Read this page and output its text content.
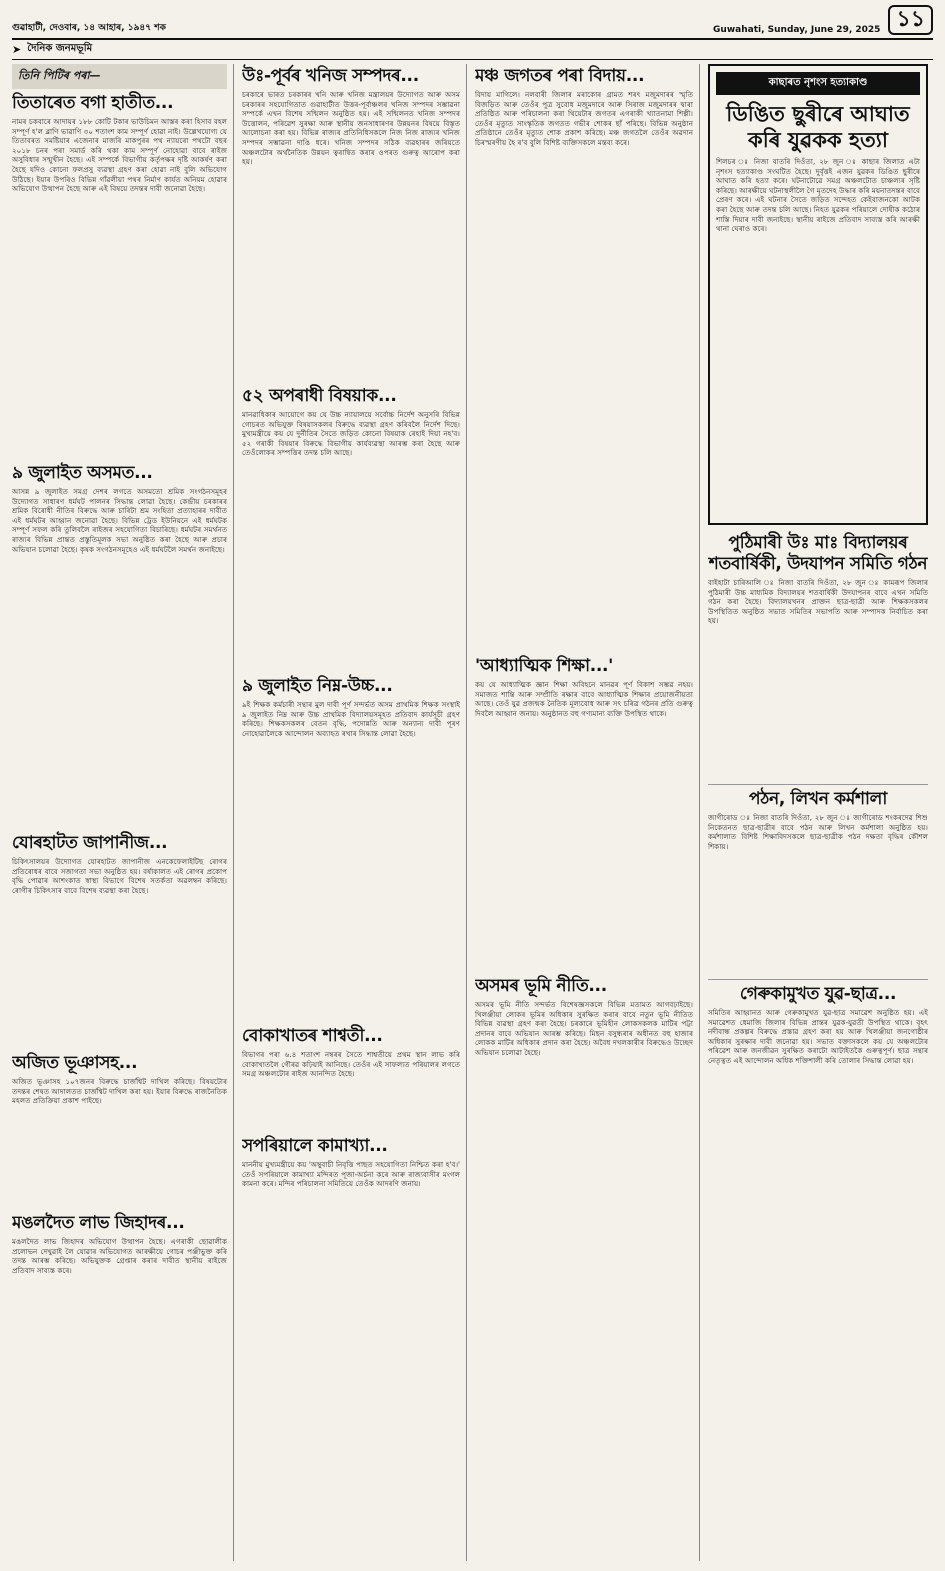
গুৱাহাটী, দেওবাৰ, ১৪ আহাৰ, ১৯৪৭ শক	Guwahati, Sunday, June 29, 2025 ১১
➤ দৈনিক জনমভূমি
তিনি পিটিৰ পৰা—
তিতাৰেত বগা হাতীত...
নামৰ চকবাৰে আদায়ৰ ১৮৮ কোটি টকাৰ ভাউচিমন আস্তৰ কৰা হিসাব বহল সম্পূৰ্ণ হ'ল ব্লাণি ভাৱাণি ৩০ শতাংশ কাম সম্পূৰ্ণ হোৱা নাই। উল্লেখযোগ্য যে তিতাবৰত সমষ্টিয়াৰ এজেনাৰ মাজৰি মাকপুৰৰ পথ ন্যায়ৰো পথটো বছৰ ২০১৮ চনৰ পৰা সমাৰ্ড কৰি থকা কাম সম্পূৰ্ণ নোহোৱা বাবে ৰাইজ অসুবিধাৰ সন্মুখীন হৈছে। এই সম্পৰ্কে বিভাগীয় কৰ্তৃপক্ষৰ দৃষ্টি আকৰ্ষণ কৰা হৈছে যদিও কোনো ফলপ্ৰসু ব্যৱস্থা গ্ৰহণ কৰা হোৱা নাই বুলি অভিযোগ উঠিছে। ইয়াৰ উপৰিও বিভিন্ন গাঁৱলীয়া পথৰ নিৰ্মাণ কাৰ্যত অনিয়ম হোৱাৰ অভিযোগ উত্থাপন হৈছে আৰু এই বিষয়ে তদন্তৰ দাবী জনোৱা হৈছে।
৯ জুলাইত অসমত...
আসন্ন ৯ জুলাইত সমগ্ৰ দেশৰ লগতে অসমতো শ্ৰমিক সংগঠনসমূহৰ উদ্যোগত সাধাৰণ ধৰ্মঘট পালনৰ সিদ্ধান্ত লোৱা হৈছে। কেন্দ্ৰীয় চৰকাৰৰ শ্ৰমিক বিৰোধী নীতিৰ বিৰুদ্ধে আৰু চাৰিটা শ্ৰম সংহিতা প্ৰত্যাহাৰৰ দাবীত এই ধৰ্মঘটৰ আহ্বান জনোৱা হৈছে। বিভিন্ন ট্ৰেড ইউনিয়নে এই ধৰ্মঘটক সম্পূৰ্ণ সফল কৰি তুলিবলৈ ৰাইজৰ সহযোগিতা বিচাৰিছে। ধৰ্মঘটৰ সমৰ্থনত ৰাজ্যৰ বিভিন্ন প্ৰান্তত প্ৰস্তুতিমূলক সভা অনুষ্ঠিত কৰা হৈছে আৰু প্ৰচাৰ অভিযান চলোৱা হৈছে। কৃষক সংগঠনসমূহেও এই ধৰ্মঘটলৈ সমৰ্থন জনাইছে।
যোৰহাটত জাপানীজ...
চিকিৎসালয়ৰ উদ্যোগত যোৰহাটত জাপানীজ এনকেফেলাইটিছ ৰোগৰ প্ৰতিৰোধৰ বাবে সজাগতা সভা অনুষ্ঠিত হয়। বৰ্ষাকালত এই ৰোগৰ প্ৰকোপ বৃদ্ধি পোৱাৰ আশংকাত স্বাস্থ্য বিভাগে বিশেষ সতৰ্কতা অৱলম্বন কৰিছে। ৰোগীৰ চিকিৎসাৰ বাবে বিশেষ ব্যৱস্থা কৰা হৈছে।
অজিত ভূঞাসহ...
অজিত ভূঞাসহ ১০৭জনৰ বিৰুদ্ধে চাৰ্জশ্বিট দাখিল কৰিছে। বিষয়টোৰ তদন্তৰ শেষত আদালতত চাৰ্জশ্বিট দাখিল কৰা হয়। ইয়াৰ বিৰুদ্ধে ৰাজনৈতিক মহলত প্ৰতিক্ৰিয়া প্ৰকাশ পাইছে।
মঙলদৈত লাভ জিহাদৰ...
মঙলদৈত লাভ জিহাদৰ অভিযোগ উত্থাপন হৈছে। এগৰাকী ছোৱালীক প্ৰলোভন দেখুৱাই লৈ যোৱাৰ অভিযোগত আৰক্ষীয়ে গোচৰ পঞ্জীভুক্ত কৰি তদন্ত আৰম্ভ কৰিছে। অভিযুক্তক গ্ৰেপ্তাৰ কৰাৰ দাবীত স্থানীয় ৰাইজে প্ৰতিবাদ সাব্যস্ত কৰে।
উঃ-পূৰ্বৰ খনিজ সম্পদৰ...
চৰকাৰে ভাৰত চৰকাৰৰ খনি আৰু খনিজ মন্ত্ৰালয়ৰ উদ্যোগত আৰু অসম চৰকাৰৰ সহযোগিতাত গুৱাহাটীত উত্তৰ-পূৰ্বাঞ্চলৰ খনিজ সম্পদৰ সম্ভাৱনা সম্পৰ্কে এখন বিশেষ সন্মিলন অনুষ্ঠিত হয়। এই সন্মিলনত খনিজ সম্পদৰ উত্তোলন, পৰিৱেশ সুৰক্ষা আৰু স্থানীয় জনসাধাৰণৰ উন্নয়নৰ বিষয়ে বিস্তৃত আলোচনা কৰা হয়। বিভিন্ন ৰাজ্যৰ প্ৰতিনিধিসকলে নিজ নিজ ৰাজ্যৰ খনিজ সম্পদৰ সম্ভাৱনা দাঙি ধৰে। খনিজ সম্পদৰ সঠিক ব্যৱহাৰৰ জৰিয়তে অঞ্চলটোৰ অৰ্থনৈতিক উন্নয়ন ত্বৰান্বিত কৰাৰ ওপৰত গুৰুত্ব আৰোপ কৰা হয়।
৫২ অপৰাধী বিষয়াক...
মানৱাধিকাৰ আয়োগে কয় যে উচ্চ ন্যায়ালয়ে সৰ্বোচ্চ নিৰ্দেশ অনুসৰি বিভিন্ন গোচৰত অভিযুক্ত বিষয়াসকলৰ বিৰুদ্ধে ব্যৱস্থা গ্ৰহণ কৰিবলৈ নিৰ্দেশ দিছে। মুখ্যমন্ত্ৰীয়ে কয় যে দুৰ্নীতিৰ সৈতে জড়িত কোনো বিষয়াক ৰেহাই দিয়া নহ'ব। ৫২ গৰাকী বিষয়াৰ বিৰুদ্ধে বিভাগীয় কাৰ্যব্যৱস্থা আৰম্ভ কৰা হৈছে আৰু তেওঁলোকৰ সম্পত্তিৰ তদন্ত চলি আছে।
৯ জুলাইত নিম্ন-উচ্চ...
৯ই শিক্ষক কৰ্মচাৰী সন্থাৰ মুল দাবী পূৰ্ণ সন্দৰ্ভত অসম প্ৰাথমিক শিক্ষক সংস্থাই ৯ জুলাইত নিম্ন আৰু উচ্চ প্ৰাথমিক বিদ্যালয়সমূহত প্ৰতিবাদ কাৰ্যসূচী গ্ৰহণ কৰিছে। শিক্ষকসকলৰ বেতন বৃদ্ধি, পদোন্নতি আৰু অন্যান্য দাবী পূৰণ নোহোৱালৈকে আন্দোলন অব্যাহত ৰখাৰ সিদ্ধান্ত লোৱা হৈছে।
বোকাখাতৰ শাশ্বতী...
বিভাগৰ পৰা ৬.৪ শতাংশ নম্বৰৰ সৈতে শাশ্বতীয়ে প্ৰথম স্থান লাভ কৰি বোকাখাতলৈ গৌৰৱ কঢ়িয়াই আনিছে। তেওঁৰ এই সাফল্যত পৰিয়ালৰ লগতে সমগ্ৰ অঞ্চলটোৰ ৰাইজ আনন্দিত হৈছে।
সপৰিয়ালে কামাখ্যা...
মাননীয় মুখ্যমন্ত্ৰীয়ে কয় 'অম্বুবাচী নিবৃত্তি পাছত সহযোগিতা নিশ্চিত কৰা হ'ব।' তেওঁ সপৰিয়ালে কামাখ্যা মন্দিৰত পূজা-অৰ্চনা কৰে আৰু ৰাজ্যবাসীৰ মংগল কামনা কৰে। মন্দিৰ পৰিচালনা সমিতিয়ে তেওঁক আদৰণি জনায়।
মঞ্চ জগতৰ পৰা বিদায়...
বিদায় মাগিলে। নলবাৰী জিলাৰ মৰাকোৰ গ্ৰামত শৰৎ মজুমদাৰৰ স্মৃতি বিজড়িত আৰু তেওঁৰ পুত্ৰ সুবোধ মজুমদাৰে আৰু সিৰাজ মজুমদাৰৰ দ্বাৰা প্ৰতিষ্ঠিত আৰু পৰিচালনা কৰা থিয়েটাৰ জগতৰ এগৰাকী খ্যাতনামা শিল্পী। তেওঁৰ মৃত্যুত সাংস্কৃতিক জগতত গভীৰ শোকৰ ছাঁ পৰিছে। বিভিন্ন অনুষ্ঠান প্ৰতিষ্ঠানে তেওঁৰ মৃত্যুত শোক প্ৰকাশ কৰিছে। মঞ্চ জগতলৈ তেওঁৰ অৱদান চিৰস্মৰণীয় হৈ ৰ'ব বুলি বিশিষ্ট ব্যক্তিসকলে মন্তব্য কৰে।
'আধ্যাত্মিক শিক্ষা...'
কয় যে আধ্যাত্মিক জ্ঞান শিক্ষা অবিহনে মানৱৰ পূৰ্ণ বিকাশ সম্ভৱ নহয়। সমাজত শান্তি আৰু সম্প্ৰীতি ৰক্ষাৰ বাবে আধ্যাত্মিক শিক্ষাৰ প্ৰয়োজনীয়তা আছে। তেওঁ যুৱ প্ৰজন্মক নৈতিক মূল্যবোধ আৰু সৎ চৰিত্ৰ গঠনৰ প্ৰতি গুৰুত্ব দিবলৈ আহ্বান জনায়। অনুষ্ঠানত বহু গণ্যমান্য ব্যক্তি উপস্থিত থাকে।
অসমৰ ভূমি নীতি...
অসমৰ ভূমি নীতি সন্দৰ্ভত বিশেষজ্ঞসকলে বিভিন্ন মতামত আগবঢ়াইছে। খিলঞ্জীয়া লোকৰ ভূমিৰ অধিকাৰ সুৰক্ষিত কৰাৰ বাবে নতুন ভূমি নীতিত বিভিন্ন ব্যৱস্থা গ্ৰহণ কৰা হৈছে। চৰকাৰে ভূমিহীন লোকসকলক মাটিৰ পট্টা প্ৰদানৰ বাবে অভিযান আৰম্ভ কৰিছে। মিছন বসুন্ধৰাৰ অধীনত বহু হাজাৰ লোকক মাটিৰ অধিকাৰ প্ৰদান কৰা হৈছে। অবৈধ দখলকাৰীৰ বিৰুদ্ধেও উচ্ছেদ অভিযান চলোৱা হৈছে।
কাছাৰত নৃশংস হত্যাকাণ্ড
ডিঙিত ছুৰীৰে আঘাত কৰি যুৱকক হত্যা
শিলচৰ ঃ নিজা বাতৰি দিওঁতা, ২৮ জুন ঃ কাছাৰ জিলাত এটা নৃশংস হত্যাকাণ্ড সংঘটিত হৈছে। দুৰ্বৃত্তই এজন যুৱকৰ ডিঙিত ছুৰীৰে আঘাত কৰি হত্যা কৰে। ঘটনাটোৱে সমগ্ৰ অঞ্চলটোত চাঞ্চল্যৰ সৃষ্টি কৰিছে। আৰক্ষীয়ে ঘটনাস্থলীলৈ গৈ মৃতদেহ উদ্ধাৰ কৰি ময়নাতদন্তৰ বাবে প্ৰেৰণ কৰে। এই ঘটনাৰ সৈতে জড়িত সন্দেহত কেইবাজনকো আটক কৰা হৈছে আৰু তদন্ত চলি আছে। নিহত যুৱকৰ পৰিয়ালে দোষীক কঠোৰ শাস্তি দিয়াৰ দাবী জনাইছে। স্থানীয় ৰাইজে প্ৰতিবাদ সাব্যস্ত কৰি আৰক্ষী থানা ঘেৰাও কৰে।
পুঠিমাৰী উঃ মাঃ বিদ্যালয়ৰ শতবাৰ্ষিকী, উদযাপন সমিতি গঠন
বাইহাটা চাৰিআলি ঃ নিজা বাতৰি দিওঁতা, ২৮ জুন ঃ কামৰূপ জিলাৰ পুঠিমাৰী উচ্চ মাধ্যমিক বিদ্যালয়ৰ শতবাৰ্ষিকী উদযাপনৰ বাবে এখন সমিতি গঠন কৰা হৈছে। বিদ্যালয়খনৰ প্ৰাক্তন ছাত্ৰ-ছাত্ৰী আৰু শিক্ষকসকলৰ উপস্থিতিত অনুষ্ঠিত সভাত সমিতিৰ সভাপতি আৰু সম্পাদক নিৰ্বাচিত কৰা হয়।
পঠন, লিখন কৰ্মশালা
জাগীৰোড ঃ নিজা বাতৰি দিওঁতা, ২৮ জুন ঃ জাগীৰোড শংকৰদেৱ শিশু নিকেতনত ছাত্ৰ-ছাত্ৰীৰ বাবে পঠন আৰু লিখন কৰ্মশালা অনুষ্ঠিত হয়। কৰ্মশালাত বিশিষ্ট শিক্ষাবিদসকলে ছাত্ৰ-ছাত্ৰীক পঠন দক্ষতা বৃদ্ধিৰ কৌশল শিকায়।
গেৰুকামুখত যুৱ-ছাত্ৰ...
সমিতিৰ আহ্বানত আৰু গেৰুকামুখত যুৱ-ছাত্ৰ সমাৱেশ অনুষ্ঠিত হয়। এই সমাৱেশত ধেমাজি জিলাৰ বিভিন্ন প্ৰান্তৰ যুৱক-যুৱতী উপস্থিত থাকে। বৃহৎ নদীবান্ধ প্ৰকল্পৰ বিৰুদ্ধে প্ৰস্তাৱ গ্ৰহণ কৰা হয় আৰু খিলঞ্জীয়া জনগোষ্ঠীৰ অধিকাৰ সুৰক্ষাৰ দাবী জনোৱা হয়। সভাত বক্তাসকলে কয় যে অঞ্চলটোৰ পৰিৱেশ আৰু জনজীৱন সুৰক্ষিত কৰাটো আটাইতকৈ গুৰুত্বপূৰ্ণ। ছাত্ৰ সন্থাৰ নেতৃত্বত এই আন্দোলন অধিক শক্তিশালী কৰি তোলাৰ সিদ্ধান্ত লোৱা হয়।
